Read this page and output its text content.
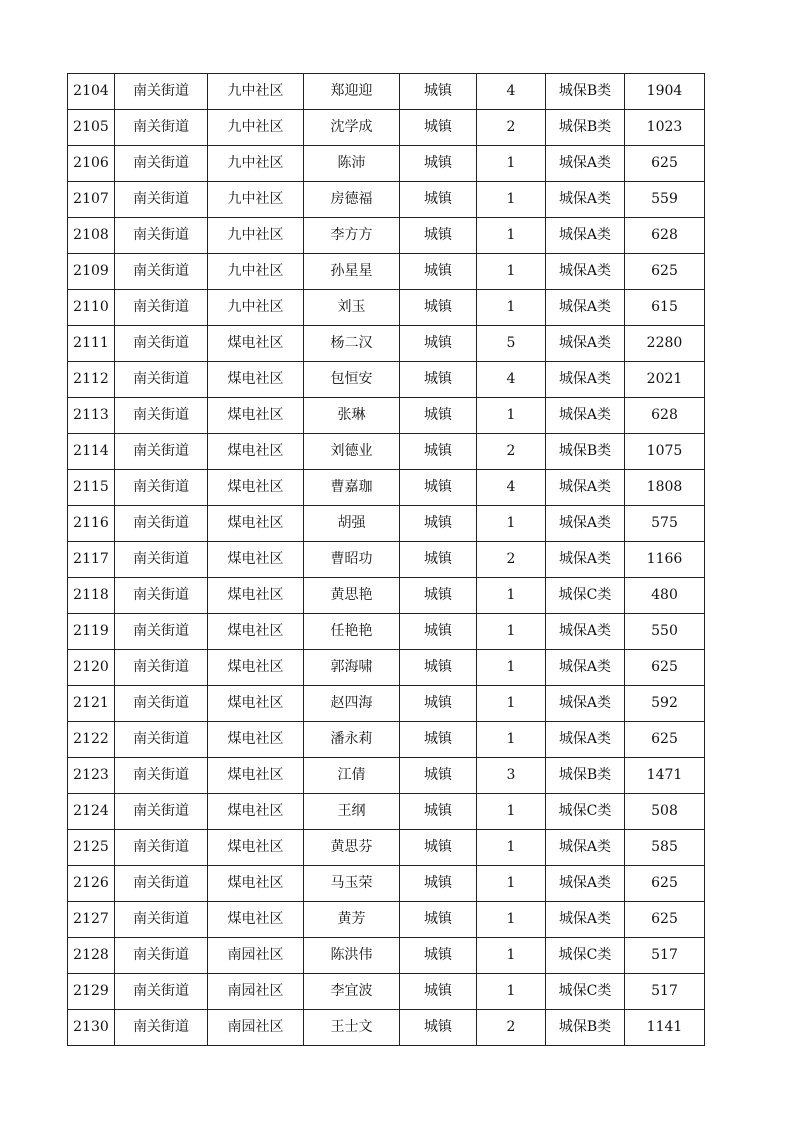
2104	南关街道	九中社区	郑迎迎	城镇	4	城保B类	1904
2105	南关街道	九中社区	沈学成	城镇	2	城保B类	1023
2106	南关街道	九中社区	陈沛	城镇	1	城保A类	625
2107	南关街道	九中社区	房德福	城镇	1	城保A类	559
2108	南关街道	九中社区	李方方	城镇	1	城保A类	628
2109	南关街道	九中社区	孙星星	城镇	1	城保A类	625
2110	南关街道	九中社区	刘玉	城镇	1	城保A类	615
2111	南关街道	煤电社区	杨二汉	城镇	5	城保A类	2280
2112	南关街道	煤电社区	包恒安	城镇	4	城保A类	2021
2113	南关街道	煤电社区	张琳	城镇	1	城保A类	628
2114	南关街道	煤电社区	刘德业	城镇	2	城保B类	1075
2115	南关街道	煤电社区	曹嘉珈	城镇	4	城保A类	1808
2116	南关街道	煤电社区	胡强	城镇	1	城保A类	575
2117	南关街道	煤电社区	曹昭功	城镇	2	城保A类	1166
2118	南关街道	煤电社区	黄思艳	城镇	1	城保C类	480
2119	南关街道	煤电社区	任艳艳	城镇	1	城保A类	550
2120	南关街道	煤电社区	郭海啸	城镇	1	城保A类	625
2121	南关街道	煤电社区	赵四海	城镇	1	城保A类	592
2122	南关街道	煤电社区	潘永莉	城镇	1	城保A类	625
2123	南关街道	煤电社区	江倩	城镇	3	城保B类	1471
2124	南关街道	煤电社区	王纲	城镇	1	城保C类	508
2125	南关街道	煤电社区	黄思芬	城镇	1	城保A类	585
2126	南关街道	煤电社区	马玉荣	城镇	1	城保A类	625
2127	南关街道	煤电社区	黄芳	城镇	1	城保A类	625
2128	南关街道	南园社区	陈洪伟	城镇	1	城保C类	517
2129	南关街道	南园社区	李宜波	城镇	1	城保C类	517
2130	南关街道	南园社区	王士文	城镇	2	城保B类	1141
